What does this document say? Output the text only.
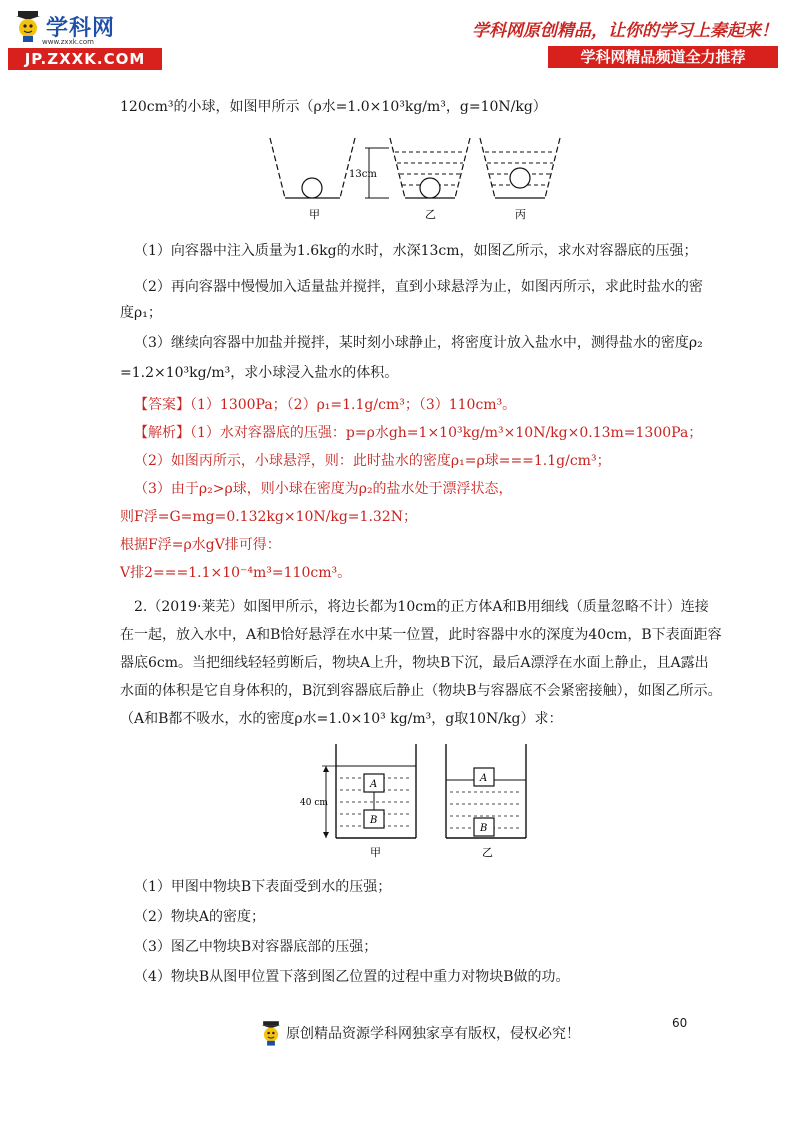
学科网
www.zxxk.com
JP.ZXXK.COM
学科网原创精品，让你的学习上秦起来！
学科网精品频道全力推荐
120cm³的小球，如图甲所示（ρ水=1.0×10³kg/m³，g=10N/kg）
（1）向容器中注入质量为1.6kg的水时，水深13cm，如图乙所示，求水对容器底的压强；
（2）再向容器中慢慢加入适量盐并搅拌，直到小球悬浮为止，如图丙所示，求此时盐水的密
度ρ₁；
（3）继续向容器中加盐并搅拌，某时刻小球静止，将密度计放入盐水中，测得盐水的密度ρ₂
=1.2×10³kg/m³，求小球浸入盐水的体积。
【答案】（1）1300Pa；（2）ρ₁=1.1g/cm³；（3）110cm³。
【解析】（1）水对容器底的压强：p=ρ水gh=1×10³kg/m³×10N/kg×0.13m=1300Pa；
（2）如图丙所示，小球悬浮，则：此时盐水的密度ρ₁=ρ球===1.1g/cm³；
（3）由于ρ₂>ρ球，则小球在密度为ρ₂的盐水处于漂浮状态，
则F浮=G=mg=0.132kg×10N/kg=1.32N；
根据F浮=ρ水gV排可得：
V排2===1.1×10⁻⁴m³=110cm³。
2.（2019·莱芜）如图甲所示，将边长都为10cm的正方体A和B用细线（质量忽略不计）连接
在一起，放入水中，A和B恰好悬浮在水中某一位置，此时容器中水的深度为40cm，B下表面距容
器底6cm。当把细线轻轻剪断后，物块A上升，物块B下沉，最后A漂浮在水面上静止，且A露出
水面的体积是它自身体积的，B沉到容器底后静止（物块B与容器底不会紧密接触），如图乙所示。
（A和B都不吸水，水的密度ρ水=1.0×10³ kg/m³，g取10N/kg）求：
（1）甲图中物块B下表面受到水的压强；
（2）物块A的密度；
（3）图乙中物块B对容器底部的压强；
（4）物块B从图甲位置下落到图乙位置的过程中重力对物块B做的功。
甲
13cm
乙	丙
A
B
40 cm
甲
A
B
乙
60
原创精品资源学科网独家享有版权，侵权必究！
